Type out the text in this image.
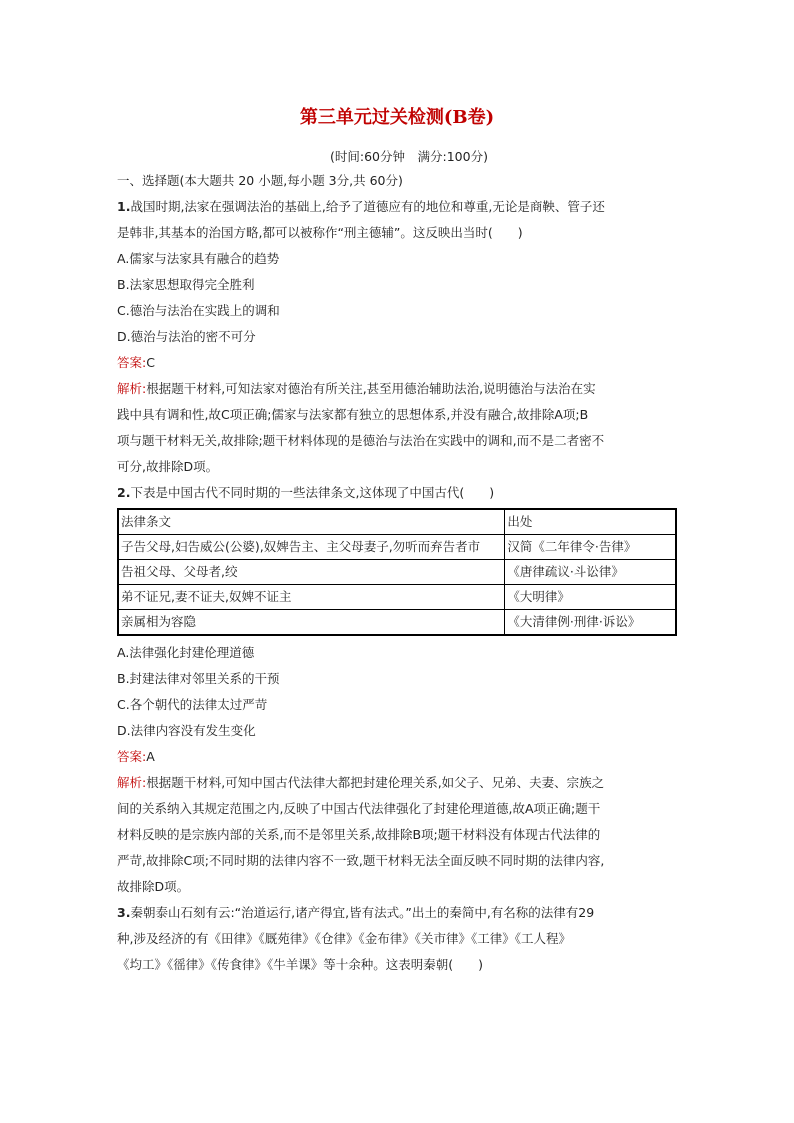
第三单元过关检测(B卷)
(时间:60分钟　满分:100分)
一、选择题(本大题共 20 小题,每小题 3分,共 60分)
1.战国时期,法家在强调法治的基础上,给予了道德应有的地位和尊重,无论是商鞅、管子还
是韩非,其基本的治国方略,都可以被称作“刑主德辅”。这反映出当时(　　)
A.儒家与法家具有融合的趋势
B.法家思想取得完全胜利
C.德治与法治在实践上的调和
D.德治与法治的密不可分
答案:C
解析:根据题干材料,可知法家对德治有所关注,甚至用德治辅助法治,说明德治与法治在实
践中具有调和性,故C项正确;儒家与法家都有独立的思想体系,并没有融合,故排除A项;B
项与题干材料无关,故排除;题干材料体现的是德治与法治在实践中的调和,而不是二者密不
可分,故排除D项。
2.下表是中国古代不同时期的一些法律条文,这体现了中国古代(　　)
法律条文	出处
子告父母,妇告威公(公婆),奴婢告主、主父母妻子,勿听而弃告者市	汉简《二年律令·告律》
告祖父母、父母者,绞	《唐律疏议·斗讼律》
弟不证兄,妻不证夫,奴婢不证主	《大明律》
亲属相为容隐	《大清律例·刑律·诉讼》
A.法律强化封建伦理道德
B.封建法律对邻里关系的干预
C.各个朝代的法律太过严苛
D.法律内容没有发生变化
答案:A
解析:根据题干材料,可知中国古代法律大都把封建伦理关系,如父子、兄弟、夫妻、宗族之
间的关系纳入其规定范围之内,反映了中国古代法律强化了封建伦理道德,故A项正确;题干
材料反映的是宗族内部的关系,而不是邻里关系,故排除B项;题干材料没有体现古代法律的
严苛,故排除C项;不同时期的法律内容不一致,题干材料无法全面反映不同时期的法律内容,
故排除D项。
3.秦朝泰山石刻有云:“治道运行,诸产得宜,皆有法式。”出土的秦简中,有名称的法律有29
种,涉及经济的有《田律》《厩苑律》《仓律》《金布律》《关市律》《工律》《工人程》
《均工》《徭律》《传食律》《牛羊课》等十余种。这表明秦朝(　　)
